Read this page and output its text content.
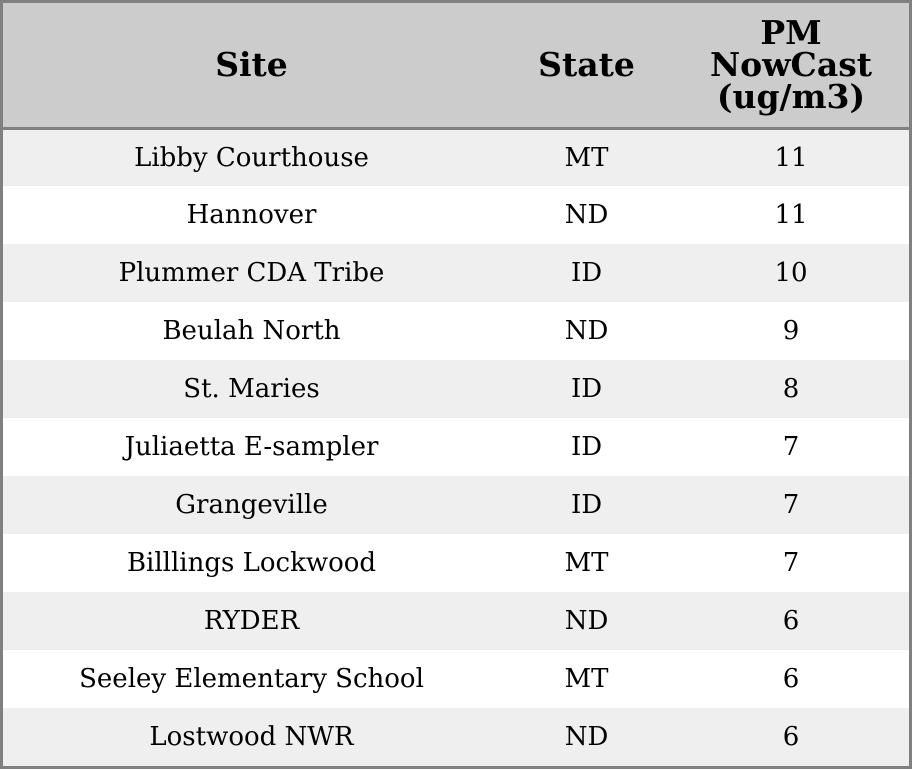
Site	State	PM
NowCast
(ug/m3)
Libby Courthouse	MT	11
Hannover	ND	11
Plummer CDA Tribe	ID	10
Beulah North	ND	9
St. Maries	ID	8
Juliaetta E-sampler	ID	7
Grangeville	ID	7
Billlings Lockwood	MT	7
RYDER	ND	6
Seeley Elementary School	MT	6
Lostwood NWR	ND	6
